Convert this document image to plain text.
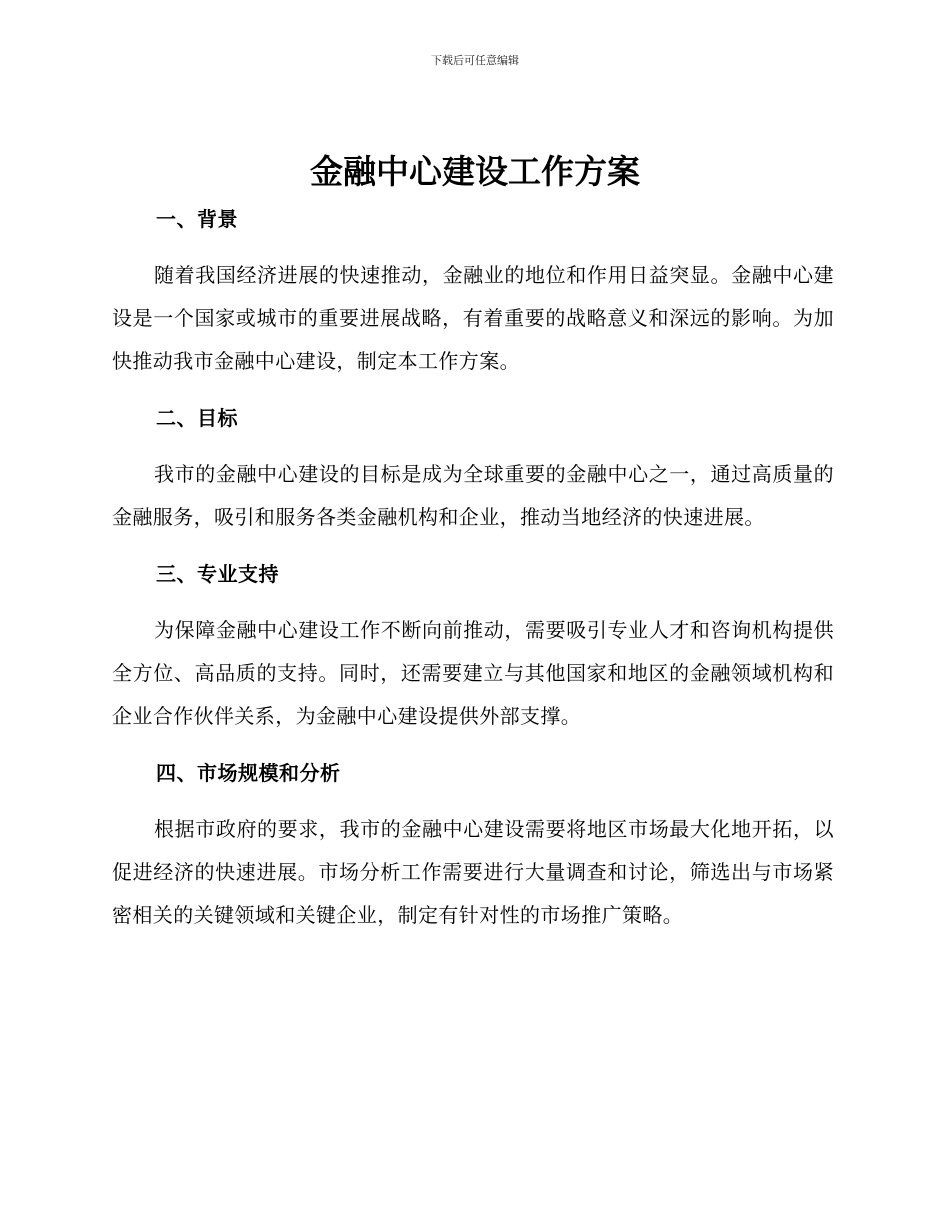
下载后可任意编辑
金融中心建设工作方案

一、背景

随着我国经济进展的快速推动，金融业的地位和作用日益突显。金融中心建设是一个国家或城市的重要进展战略，有着重要的战略意义和深远的影响。为加快推动我市金融中心建设，制定本工作方案。

二、目标

我市的金融中心建设的目标是成为全球重要的金融中心之一，通过高质量的金融服务，吸引和服务各类金融机构和企业，推动当地经济的快速进展。

三、专业支持

为保障金融中心建设工作不断向前推动，需要吸引专业人才和咨询机构提供全方位、高品质的支持。同时，还需要建立与其他国家和地区的金融领域机构和企业合作伙伴关系，为金融中心建设提供外部支撑。

四、市场规模和分析

根据市政府的要求，我市的金融中心建设需要将地区市场最大化地开拓，以促进经济的快速进展。市场分析工作需要进行大量调查和讨论，筛选出与市场紧密相关的关键领域和关键企业，制定有针对性的市场推广策略。
